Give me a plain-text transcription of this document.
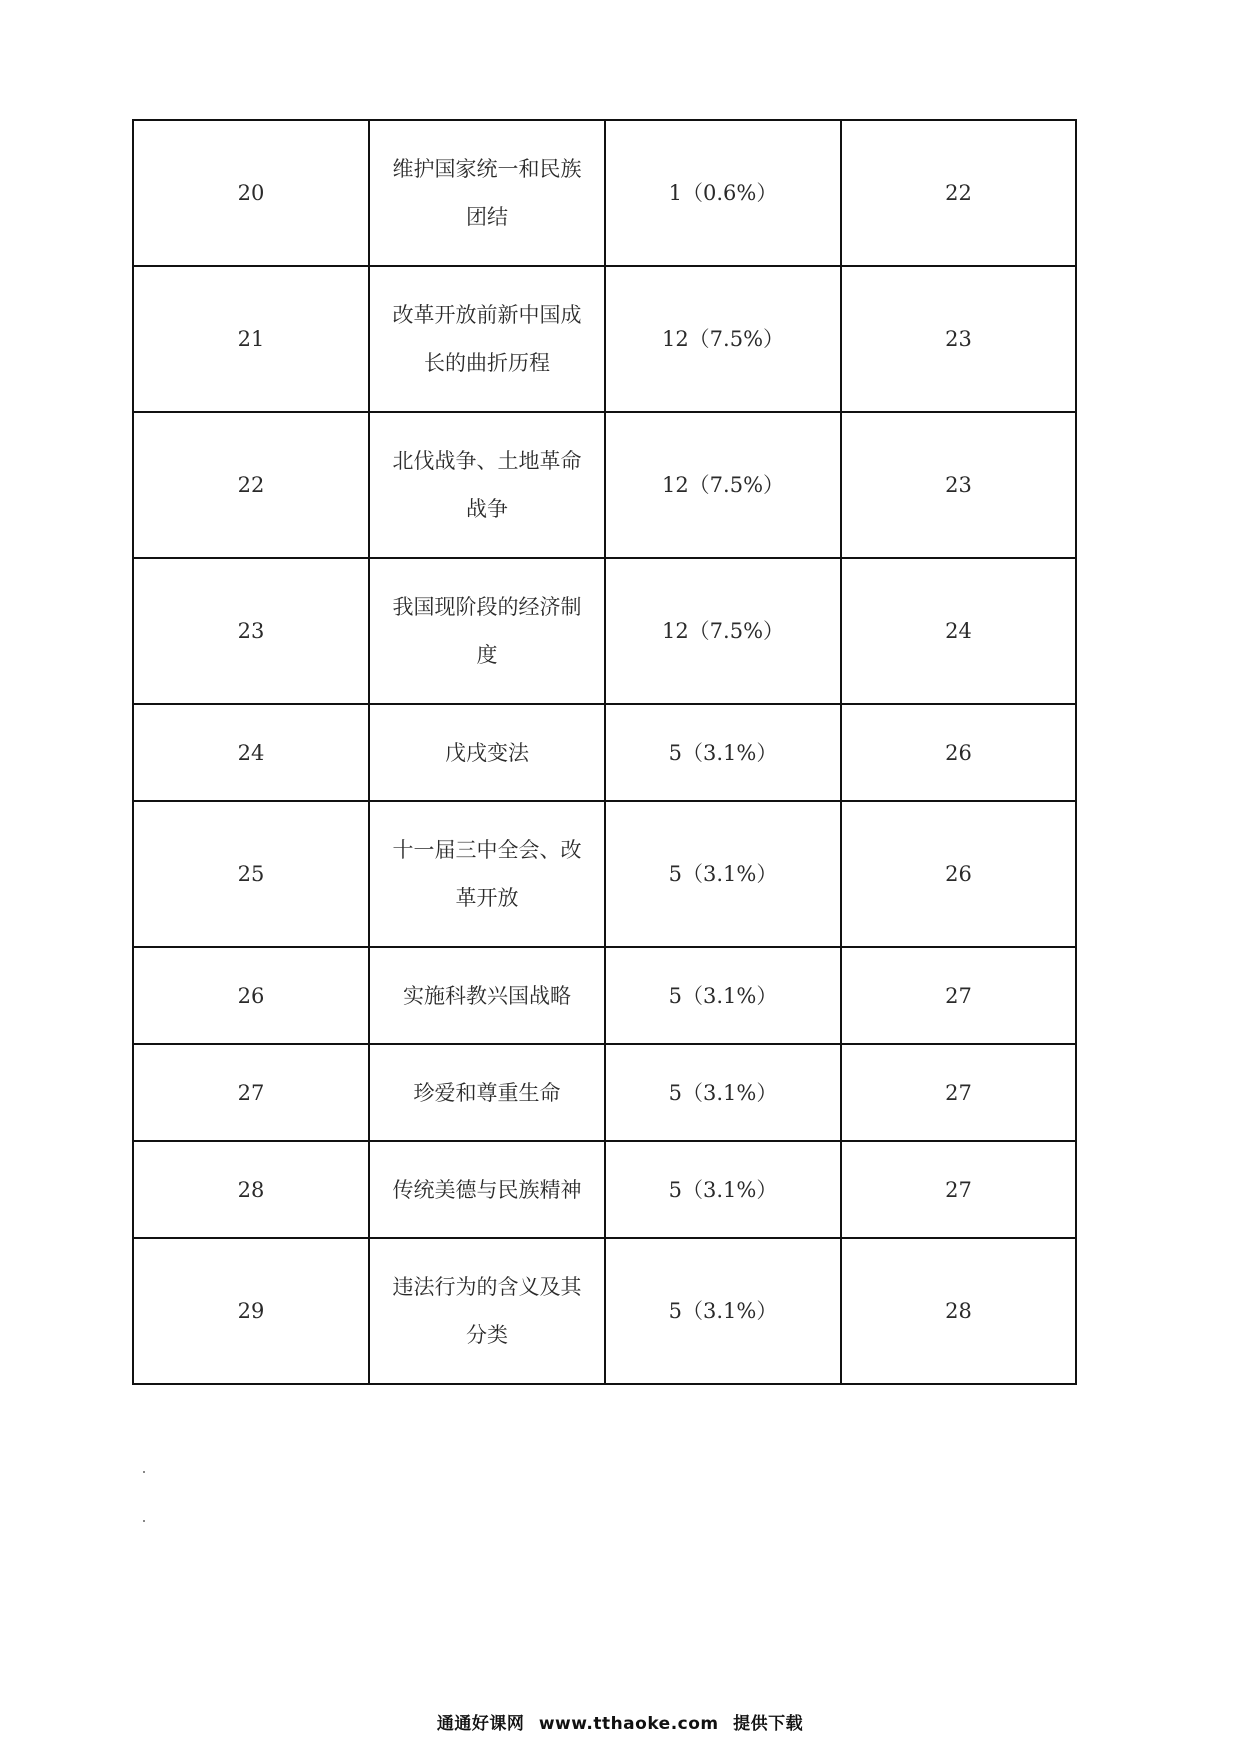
20	维护国家统一和民族团结	1（0.6%）	22
21	改革开放前新中国成长的曲折历程	12（7.5%）	23
22	北伐战争、土地革命战争	12（7.5%）	23
23	我国现阶段的经济制度	12（7.5%）	24
24	戊戌变法	5（3.1%）	26
25	十一届三中全会、改革开放	5（3.1%）	26
26	实施科教兴国战略	5（3.1%）	27
27	珍爱和尊重生命	5（3.1%）	27
28	传统美德与民族精神	5（3.1%）	27
29	违法行为的含义及其分类	5（3.1%）	28
通通好课网 www.tthaoke.com 提供下载
